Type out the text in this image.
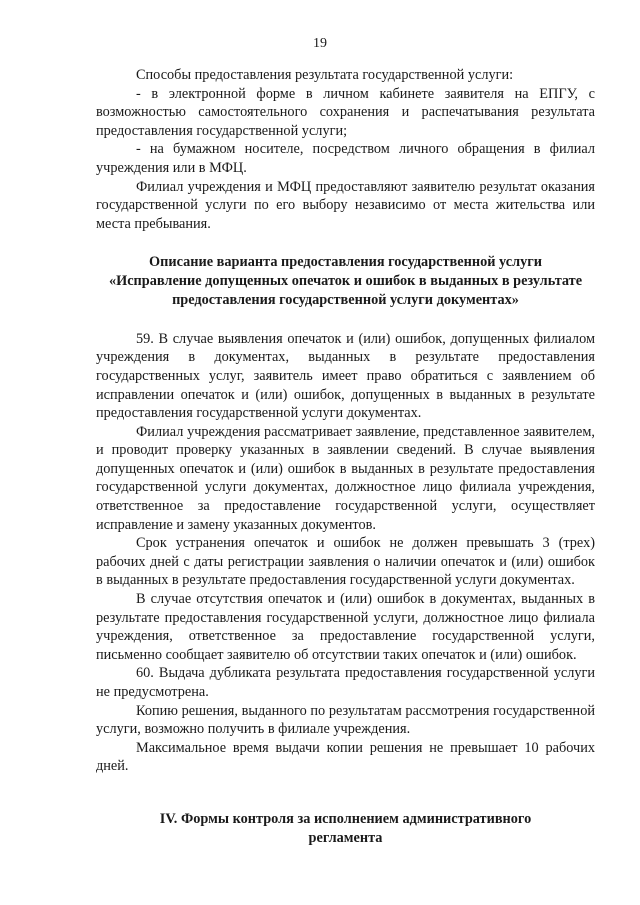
19

Способы предоставления результата государственной услуги:

- в электронной форме в личном кабинете заявителя на ЕПГУ, с возможностью самостоятельного сохранения и распечатывания результата предоставления государственной услуги;

- на бумажном носителе, посредством личного обращения в филиал учреждения или в МФЦ.

Филиал учреждения и МФЦ предоставляют заявителю результат оказания государственной услуги по его выбору независимо от места жительства или места пребывания.

Описание варианта предоставления государственной услуги
«Исправление допущенных опечаток и ошибок в выданных в результате
предоставления государственной услуги документах»

59. В случае выявления опечаток и (или) ошибок, допущенных филиалом учреждения в документах, выданных в результате предоставления государственных услуг, заявитель имеет право обратиться с заявлением об исправлении опечаток и (или) ошибок, допущенных в выданных в результате предоставления государственной услуги документах.

Филиал учреждения рассматривает заявление, представленное заявителем, и проводит проверку указанных в заявлении сведений. В случае выявления допущенных опечаток и (или) ошибок в выданных в результате предоставления государственной услуги документах, должностное лицо филиала учреждения, ответственное за предоставление государственной услуги, осуществляет исправление и замену указанных документов.

Срок устранения опечаток и ошибок не должен превышать 3 (трех) рабочих дней с даты регистрации заявления о наличии опечаток и (или) ошибок в выданных в результате предоставления государственной услуги документах.

В случае отсутствия опечаток и (или) ошибок в документах, выданных в результате предоставления государственной услуги, должностное лицо филиала учреждения, ответственное за предоставление государственной услуги, письменно сообщает заявителю об отсутствии таких опечаток и (или) ошибок.

60. Выдача дубликата результата предоставления государственной услуги не предусмотрена.

Копию решения, выданного по результатам рассмотрения государственной услуги, возможно получить в филиале учреждения.

Максимальное время выдачи копии решения не превышает 10 рабочих дней.

IV. Формы контроля за исполнением административного
регламента
